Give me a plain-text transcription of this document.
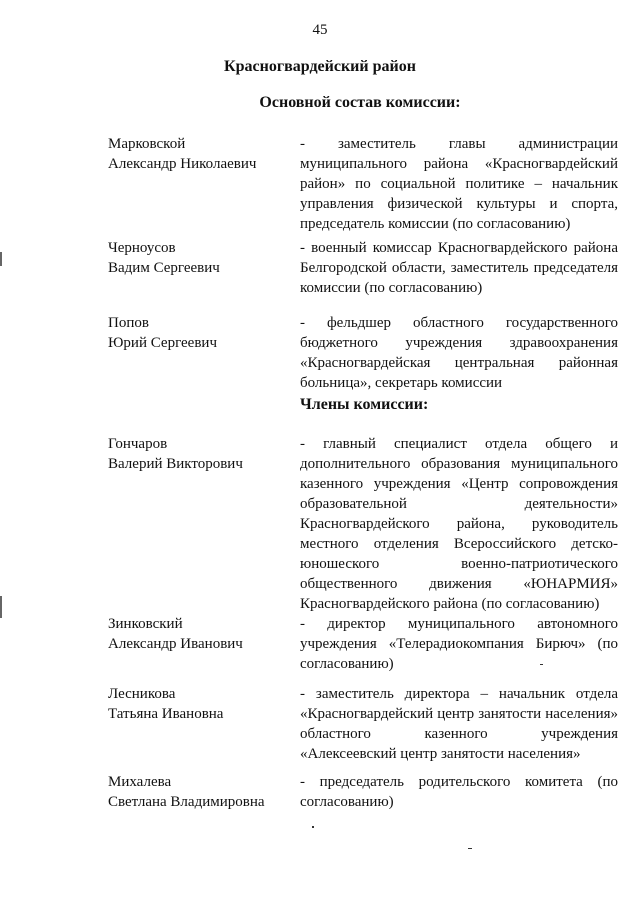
45
Красногвардейский район
Основной состав комиссии:
Марковской
Александр Николаевич
- заместитель главы администрации муниципального района «Красногвардейский район» по социальной политике – начальник управления физической культуры и спорта, председатель комиссии (по согласованию)
Черноусов
Вадим Сергеевич
- военный комиссар Красногвардейского района Белгородской области, заместитель председателя комиссии (по согласованию)
Попов
Юрий Сергеевич
- фельдшер областного государственного бюджетного учреждения здравоохранения «Красногвардейская центральная районная больница», секретарь комиссии
Члены комиссии:
Гончаров
Валерий Викторович
- главный специалист отдела общего и дополнительного образования муниципального казенного учреждения «Центр сопровождения образовательной деятельности» Красногвардейского района, руководитель местного отделения Всероссийского детско-юношеского военно-патриотического общественного движения «ЮНАРМИЯ» Красногвардейского района (по согласованию)
Зинковский
Александр Иванович
- директор муниципального автономного учреждения «Телерадиокомпания Бирюч» (по согласованию)
Лесникова
Татьяна Ивановна
- заместитель директора – начальник отдела «Красногвардейский центр занятости населения» областного казенного учреждения «Алексеевский центр занятости населения»
Михалева
Светлана Владимировна
- председатель родительского комитета (по согласованию)
